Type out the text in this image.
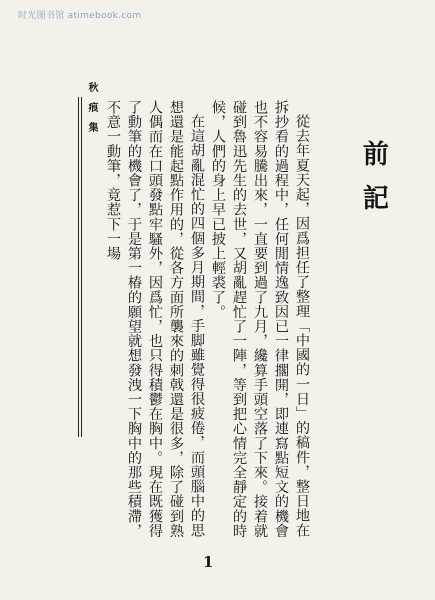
时光图书馆 atimebook.com
秋痕集
前記

從去年夏天起，因爲担任了整理「中國的一日」的稿件，整日地在拆抄看的過程中，任何閒情逸致因已一律擱開，即連寫點短文的機會也不容易騰出來，一直要到過了九月，纔算手頭空落了下來。接着就碰到魯迅先生的去世，又胡亂趕忙了一陣，等到把心情完全靜定的時候，人們的身上早已披上輕裘了。

在這胡亂混忙的四個多月期間，手脚雖覺得很疲倦，而頭腦中的思想還是能起點作用的，從各方面所襲來的刺戟還是很多，除了碰到熟人偶而在口頭發點牢騷外，因爲忙，也只得積鬱在胸中。現在既獲得了動筆的機會了，于是第一椿的願望就想發洩一下胸中的那些積滯，不意一動筆，竟惹下一場

1
